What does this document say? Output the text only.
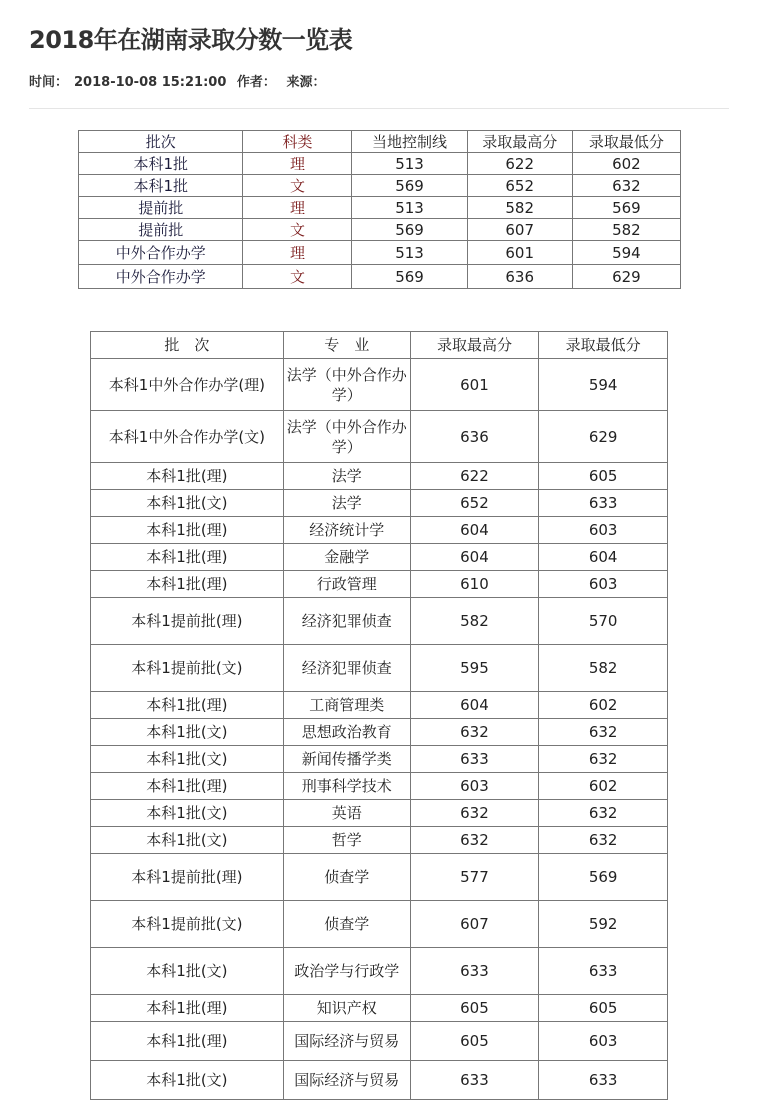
2018年在湖南录取分数一览表
时间： 2018-10-08 15:21:00 作者： 来源：
批次	科类	当地控制线	录取最高分	录取最低分
本科1批	理	513	622	602
本科1批	文	569	652	632
提前批	理	513	582	569
提前批	文	569	607	582
中外合作办学	理	513	601	594
中外合作办学	文	569	636	629
批　次	专　业	录取最高分	录取最低分
本科1中外合作办学(理)	法学（中外合作办学）	601	594
本科1中外合作办学(文)	法学（中外合作办学）	636	629
本科1批(理)	法学	622	605
本科1批(文)	法学	652	633
本科1批(理)	经济统计学	604	603
本科1批(理)	金融学	604	604
本科1批(理)	行政管理	610	603
本科1提前批(理)	经济犯罪侦查	582	570
本科1提前批(文)	经济犯罪侦查	595	582
本科1批(理)	工商管理类	604	602
本科1批(文)	思想政治教育	632	632
本科1批(文)	新闻传播学类	633	632
本科1批(理)	刑事科学技术	603	602
本科1批(文)	英语	632	632
本科1批(文)	哲学	632	632
本科1提前批(理)	侦查学	577	569
本科1提前批(文)	侦查学	607	592
本科1批(文)	政治学与行政学	633	633
本科1批(理)	知识产权	605	605
本科1批(理)	国际经济与贸易	605	603
本科1批(文)	国际经济与贸易	633	633
